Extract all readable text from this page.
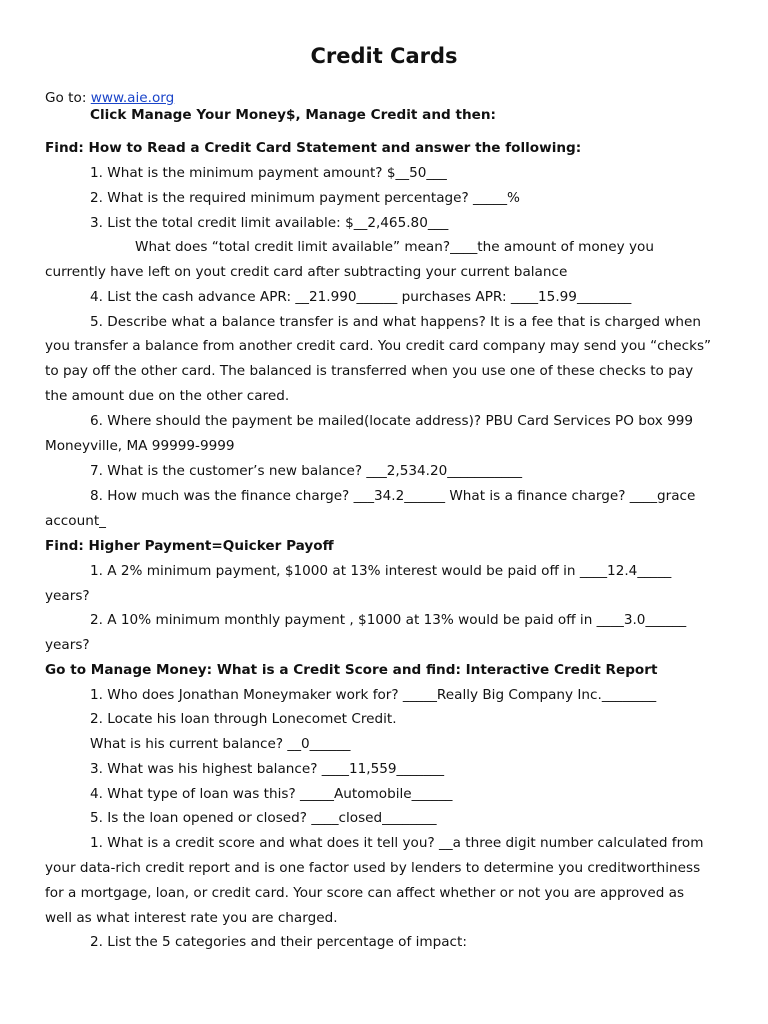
Credit Cards
Go to: www.aie.org
Click Manage Your Money$, Manage Credit and then:
Find: How to Read a Credit Card Statement and answer the following:
1. What is the minimum payment amount? $__50___
2. What is the required minimum payment percentage? _____%
3. List the total credit limit available: $__2,465.80___
What does “total credit limit available” mean?____the amount of money you
currently have left on yout credit card after subtracting your current balance
4. List the cash advance APR: __21.990______ purchases APR: ____15.99________
5. Describe what a balance transfer is and what happens? It is a fee that is charged when
you transfer a balance from another credit card. You credit card company may send you “checks”
to pay off the other card. The balanced is transferred when you use one of these checks to pay
the amount due on the other cared.
6. Where should the payment be mailed(locate address)? PBU Card Services PO box 999
Moneyville, MA 99999-9999
7. What is the customer’s new balance? ___2,534.20___________
8. How much was the finance charge? ___34.2______ What is a finance charge? ____grace
account_
Find: Higher Payment=Quicker Payoff
1. A 2% minimum payment, $1000 at 13% interest would be paid off in ____12.4_____
years?
2. A 10% minimum monthly payment , $1000 at 13% would be paid off in ____3.0______
years?
Go to Manage Money: What is a Credit Score and find: Interactive Credit Report
1. Who does Jonathan Moneymaker work for? _____Really Big Company Inc.________
2. Locate his loan through Lonecomet Credit.
What is his current balance? __0______
3. What was his highest balance? ____11,559_______
4. What type of loan was this? _____Automobile______
5. Is the loan opened or closed? ____closed________
1. What is a credit score and what does it tell you? __a three digit number calculated from
your data-rich credit report and is one factor used by lenders to determine you creditworthiness
for a mortgage, loan, or credit card. Your score can affect whether or not you are approved as
well as what interest rate you are charged.
2. List the 5 categories and their percentage of impact:
